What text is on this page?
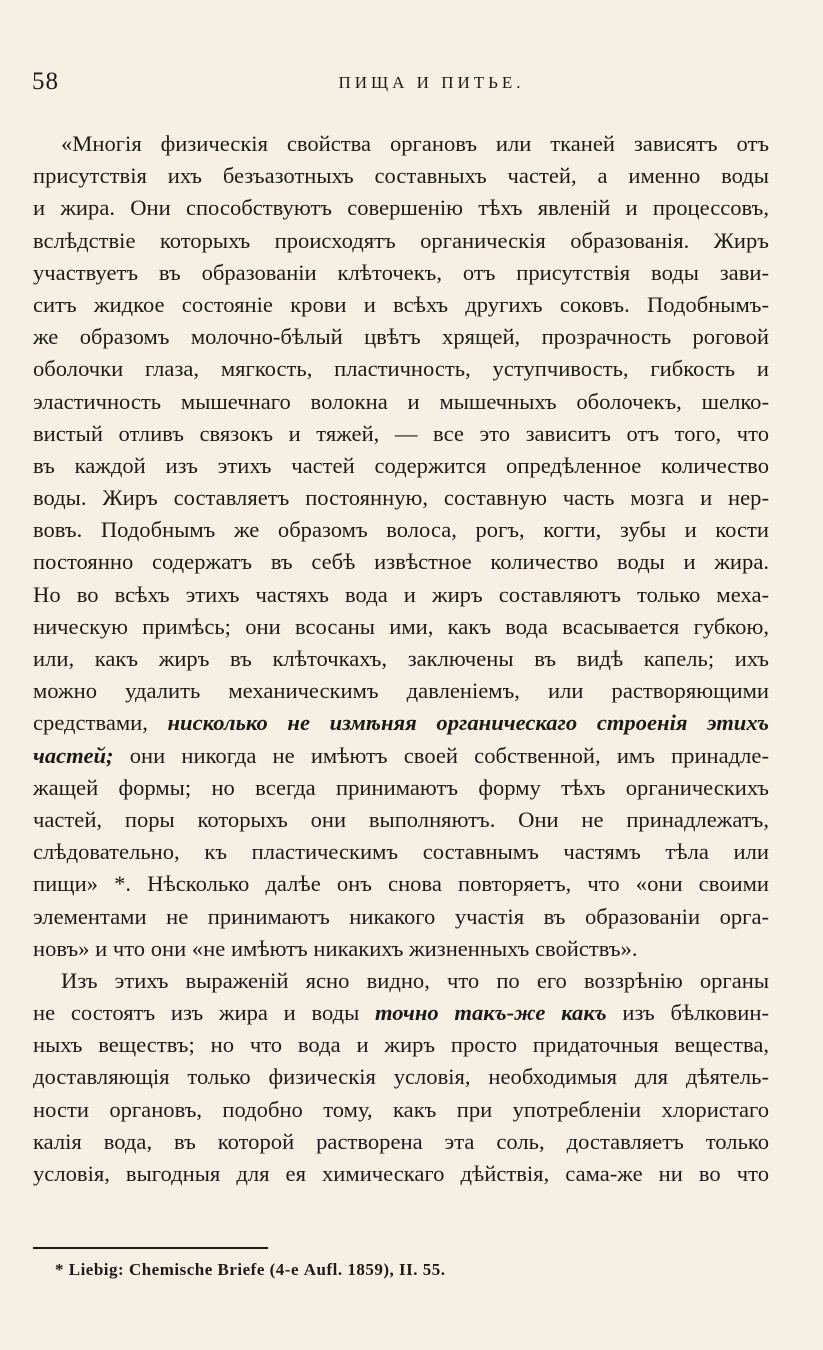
58	ПИЩА И ПИТЬЕ.
«Многія физическія свойства органовъ или тканей зависятъ отъ
присутствія ихъ безъазотныхъ составныхъ частей, а именно воды
и жира. Они способствуютъ совершенію тѣхъ явленій и процессовъ,
вслѣдствіе которыхъ происходятъ органическія образованія. Жиръ
участвуетъ въ образованіи клѣточекъ, отъ присутствія воды зави-
ситъ жидкое состояніе крови и всѣхъ другихъ соковъ. Подобнымъ-
же образомъ молочно-бѣлый цвѣтъ хрящей, прозрачность роговой
оболочки глаза, мягкость, пластичность, уступчивость, гибкость и
эластичность мышечнаго волокна и мышечныхъ оболочекъ, шелко-
вистый отливъ связокъ и тяжей, — все это зависитъ отъ того, что
въ каждой изъ этихъ частей содержится опредѣленное количество
воды. Жиръ составляетъ постоянную, составную часть мозга и нер-
вовъ. Подобнымъ же образомъ волоса, рогъ, когти, зубы и кости
постоянно содержатъ въ себѣ извѣстное количество воды и жира.
Но во всѣхъ этихъ частяхъ вода и жиръ составляютъ только меха-
ническую примѣсь; они всосаны ими, какъ вода всасывается губкою,
или, какъ жиръ въ клѣточкахъ, заключены въ видѣ капель; ихъ
можно удалить механическимъ давленіемъ, или растворяющими
средствами, нисколько не измѣняя органическаго строенія этихъ
частей; они никогда не имѣютъ своей собственной, имъ принадле-
жащей формы; но всегда принимаютъ форму тѣхъ органическихъ
частей, поры которыхъ они выполняютъ. Они не принадлежатъ,
слѣдовательно, къ пластическимъ составнымъ частямъ тѣла или
пищи» *. Нѣсколько далѣе онъ снова повторяетъ, что «они своими
элементами не принимаютъ никакого участія въ образованіи орга-
новъ» и что они «не имѣютъ никакихъ жизненныхъ свойствъ».
Изъ этихъ выраженій ясно видно, что по его воззрѣнію органы
не состоятъ изъ жира и воды точно такъ-же какъ изъ бѣлковин-
ныхъ веществъ; но что вода и жиръ просто придаточныя вещества,
доставляющія только физическія условія, необходимыя для дѣятель-
ности органовъ, подобно тому, какъ при употребленіи хлористаго
калія вода, въ которой растворена эта соль, доставляетъ только
условія, выгодныя для ея химическаго дѣйствія, сама-же ни во что
* Liebig: Chemische Briefe (4-е Aufl. 1859), II. 55.
